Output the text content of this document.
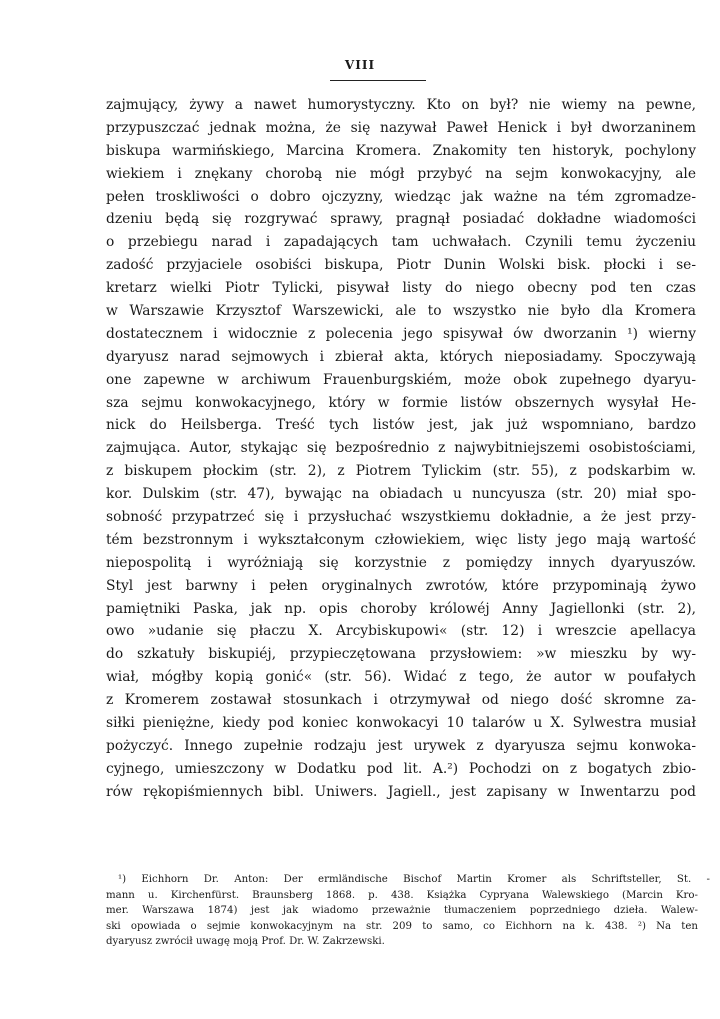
VIII
zajmujący, żywy a nawet humorystyczny. Kto on był? nie wiemy na pewne,
przypuszczać jednak można, że się nazywał Paweł Henick i był dworzaninem
biskupa warmińskiego, Marcina Kromera. Znakomity ten historyk, pochylony
wiekiem i znękany chorobą nie mógł przybyć na sejm konwokacyjny, ale
pełen troskliwości o dobro ojczyzny, wiedząc jak ważne na tém zgromadze-
dzeniu będą się rozgrywać sprawy, pragnął posiadać dokładne wiadomości
o przebiegu narad i zapadających tam uchwałach. Czynili temu życzeniu
zadość przyjaciele osobiści biskupa, Piotr Dunin Wolski bisk. płocki i se-
kretarz wielki Piotr Tylicki, pisywał listy do niego obecny pod ten czas
w Warszawie Krzysztof Warszewicki, ale to wszystko nie było dla Kromera
dostatecznem i widocznie z polecenia jego spisywał ów dworzanin ¹) wierny
dyaryusz narad sejmowych i zbierał akta, których nieposiadamy. Spoczywają
one zapewne w archiwum Frauenburgskiém, może obok zupełnego dyaryu-
sza sejmu konwokacyjnego, który w formie listów obszernych wysyłał He-
nick do Heilsberga. Treść tych listów jest, jak już wspomniano, bardzo
zajmująca. Autor, stykając się bezpośrednio z najwybitniejszemi osobistościami,
z biskupem płockim (str. 2), z Piotrem Tylickim (str. 55), z podskarbim w.
kor. Dulskim (str. 47), bywając na obiadach u nuncyusza (str. 20) miał spo-
sobność przypatrzeć się i przysłuchać wszystkiemu dokładnie, a że jest przy-
tém bezstronnym i wykształconym człowiekiem, więc listy jego mają wartość
niepospolitą i wyróżniają się korzystnie z pomiędzy innych dyaryuszów.
Styl jest barwny i pełen oryginalnych zwrotów, które przypominają żywo
pamiętniki Paska, jak np. opis choroby królowéj Anny Jagiellonki (str. 2),
owo »udanie się płaczu X. Arcybiskupowi« (str. 12) i wreszcie apellacya
do szkatuły biskupiéj, przypieczętowana przysłowiem: »w mieszku by wy-
wiał, mógłby kopią gonić« (str. 56). Widać z tego, że autor w poufałych
z Kromerem zostawał stosunkach i otrzymywał od niego dość skromne za-
siłki pieniężne, kiedy pod koniec konwokacyi 10 talarów u X. Sylwestra musiał
pożyczyć. Innego zupełnie rodzaju jest urywek z dyaryusza sejmu konwoka-
cyjnego, umieszczony w Dodatku pod lit. A.²) Pochodzi on z bogatych zbio-
rów rękopiśmiennych bibl. Uniwers. Jagiell., jest zapisany w Inwentarzu pod
¹) Eichhorn Dr. Anton: Der ermländische Bischof Martin Kromer als Schriftsteller, St. -
mann u. Kirchenfürst. Braunsberg 1868. p. 438. Książka Cypryana Walewskiego (Marcin Kro-
mer. Warszawa 1874) jest jak wiadomo przeważnie tłumaczeniem poprzedniego dzieła. Walew-
ski opowiada o sejmie konwokacyjnym na str. 209 to samo, co Eichhorn na k. 438. ²) Na ten
dyaryusz zwrócił uwagę moją Prof. Dr. W. Zakrzewski.
